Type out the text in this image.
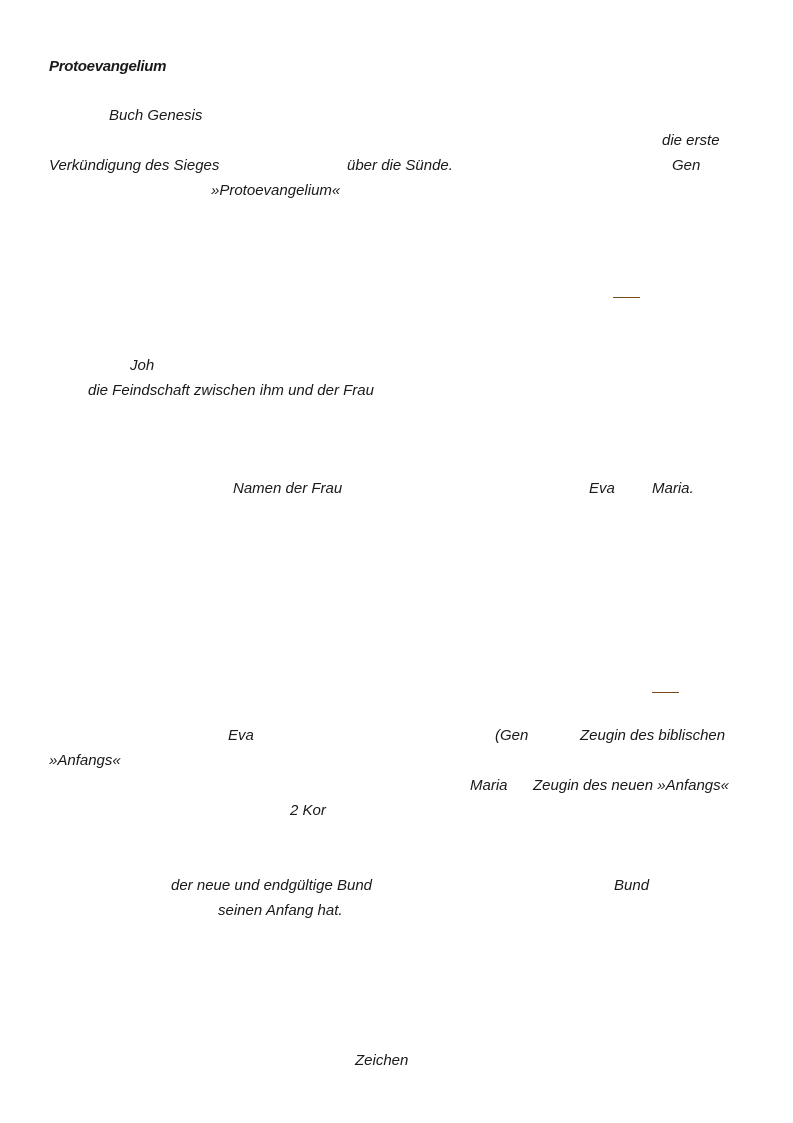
Protoevangelium
Buch Genesis
die erste
Verkündigung des Sieges	über die Sünde.	Gen
»Protoevangelium«
Joh
die Feindschaft zwischen ihm und der Frau
Namen der Frau	Eva Maria.
Eva	(Gen	Zeugin des biblischen
»Anfangs«
Maria Zeugin des neuen »Anfangs«
2 Kor
der neue und endgültige Bund	Bund
seinen Anfang hat.
Zeichen
